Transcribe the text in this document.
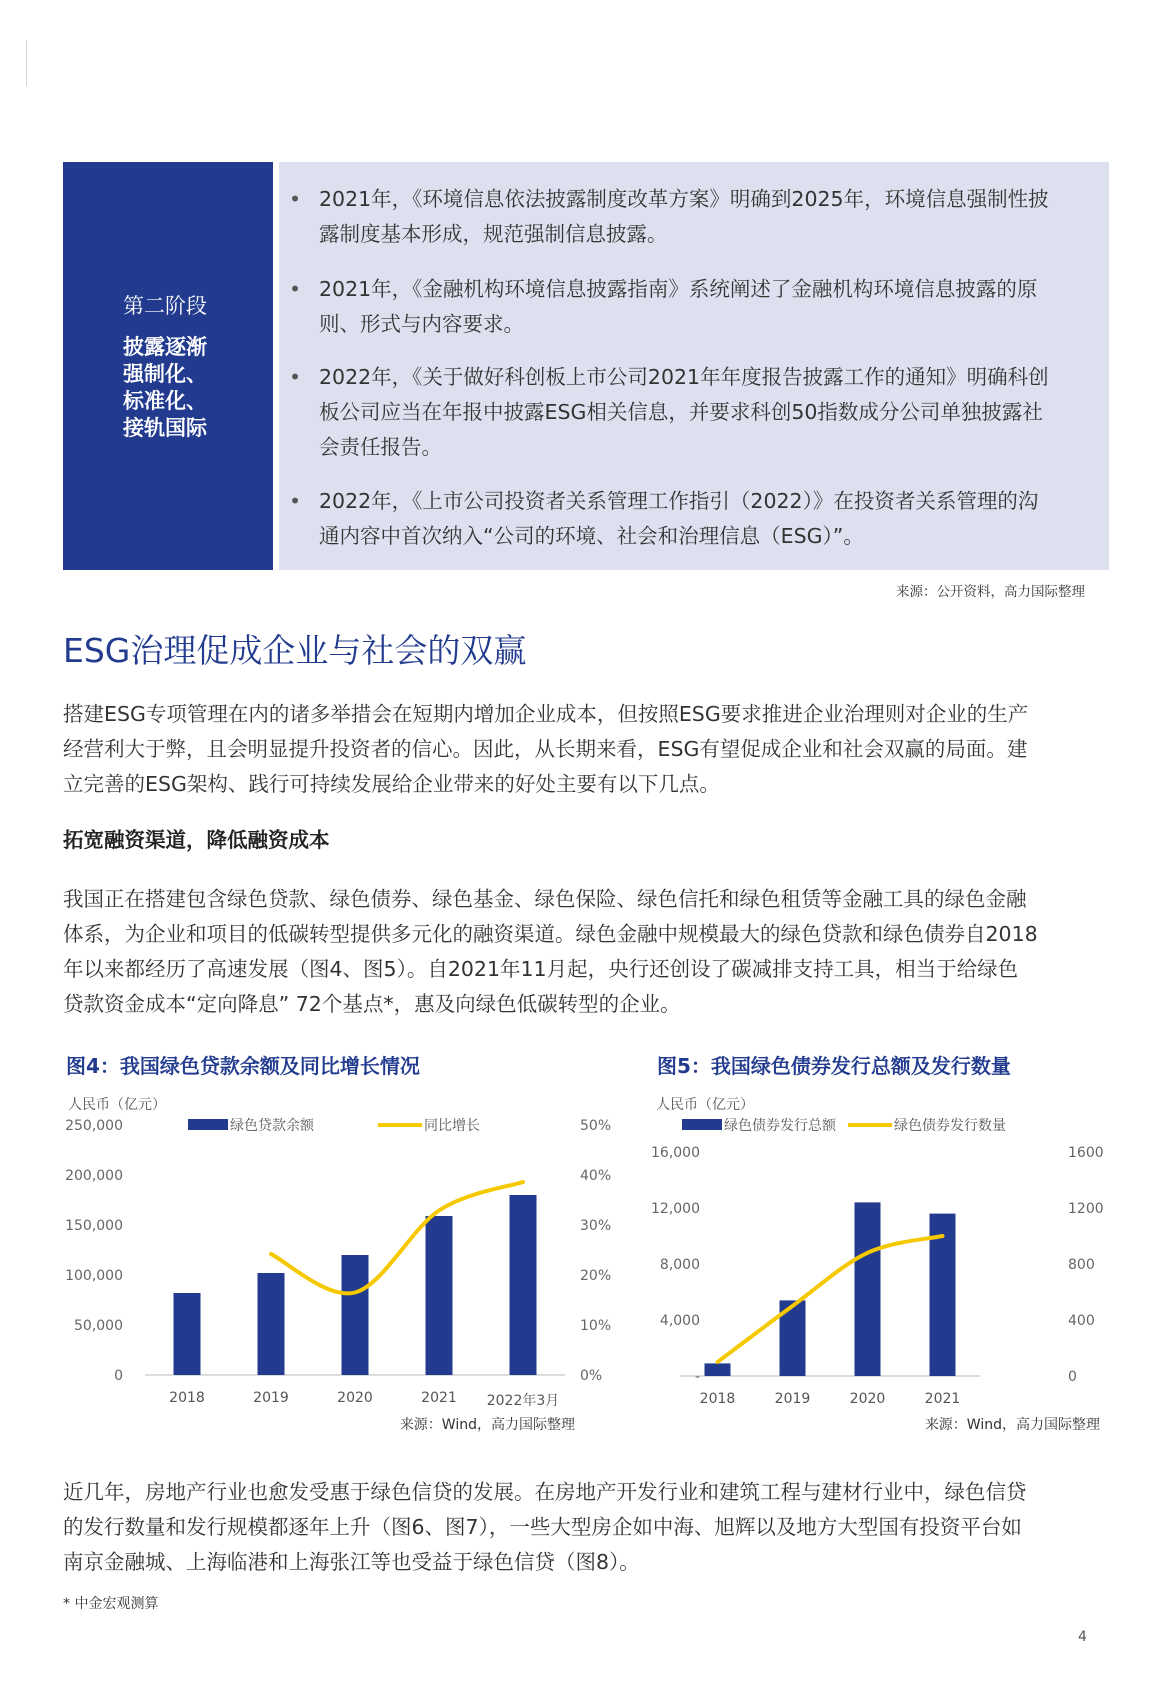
第二阶段
披露逐渐
强制化、
标准化、
接轨国际
• 2021年，《环境信息依法披露制度改革方案》明确到2025年，环境信息强制性披
露制度基本形成，规范强制信息披露。
• 2021年，《金融机构环境信息披露指南》系统阐述了金融机构环境信息披露的原
则、形式与内容要求。
• 2022年，《关于做好科创板上市公司2021年年度报告披露工作的通知》明确科创
板公司应当在年报中披露ESG相关信息，并要求科创50指数成分公司单独披露社
会责任报告。
• 2022年，《上市公司投资者关系管理工作指引（2022）》在投资者关系管理的沟
通内容中首次纳入“公司的环境、社会和治理信息（ESG）”。
来源：公开资料，高力国际整理
ESG治理促成企业与社会的双赢
搭建ESG专项管理在内的诸多举措会在短期内增加企业成本，但按照ESG要求推进企业治理则对企业的生产
经营利大于弊，且会明显提升投资者的信心。因此，从长期来看，ESG有望促成企业和社会双赢的局面。建
立完善的ESG架构、践行可持续发展给企业带来的好处主要有以下几点。
拓宽融资渠道，降低融资成本
我国正在搭建包含绿色贷款、绿色债券、绿色基金、绿色保险、绿色信托和绿色租赁等金融工具的绿色金融
体系，为企业和项目的低碳转型提供多元化的融资渠道。绿色金融中规模最大的绿色贷款和绿色债券自2018
年以来都经历了高速发展（图4、图5）。自2021年11月起，央行还创设了碳减排支持工具，相当于给绿色
贷款资金成本“定向降息” 72个基点*，惠及向绿色低碳转型的企业。
图4：我国绿色贷款余额及同比增长情况	图5：我国绿色债券发行总额及发行数量
人民币（亿元）
0
50,000
100,000
150,000
200,000
250,000
0%
10%
20%
30%
40%
50%
2018	2019	2020	2021 2022年3月
绿色贷款余额	同比增长
来源：Wind，高力国际整理
人民币（亿元）
-
4,000
8,000
12,000
16,000
0
400
800
1200
1600
2018	2019	2020	2021
绿色债券发行总额	绿色债券发行数量
来源：Wind，高力国际整理
近几年，房地产行业也愈发受惠于绿色信贷的发展。在房地产开发行业和建筑工程与建材行业中，绿色信贷
的发行数量和发行规模都逐年上升（图6、图7），一些大型房企如中海、旭辉以及地方大型国有投资平台如
南京金融城、上海临港和上海张江等也受益于绿色信贷（图8）。
* 中金宏观测算
4
